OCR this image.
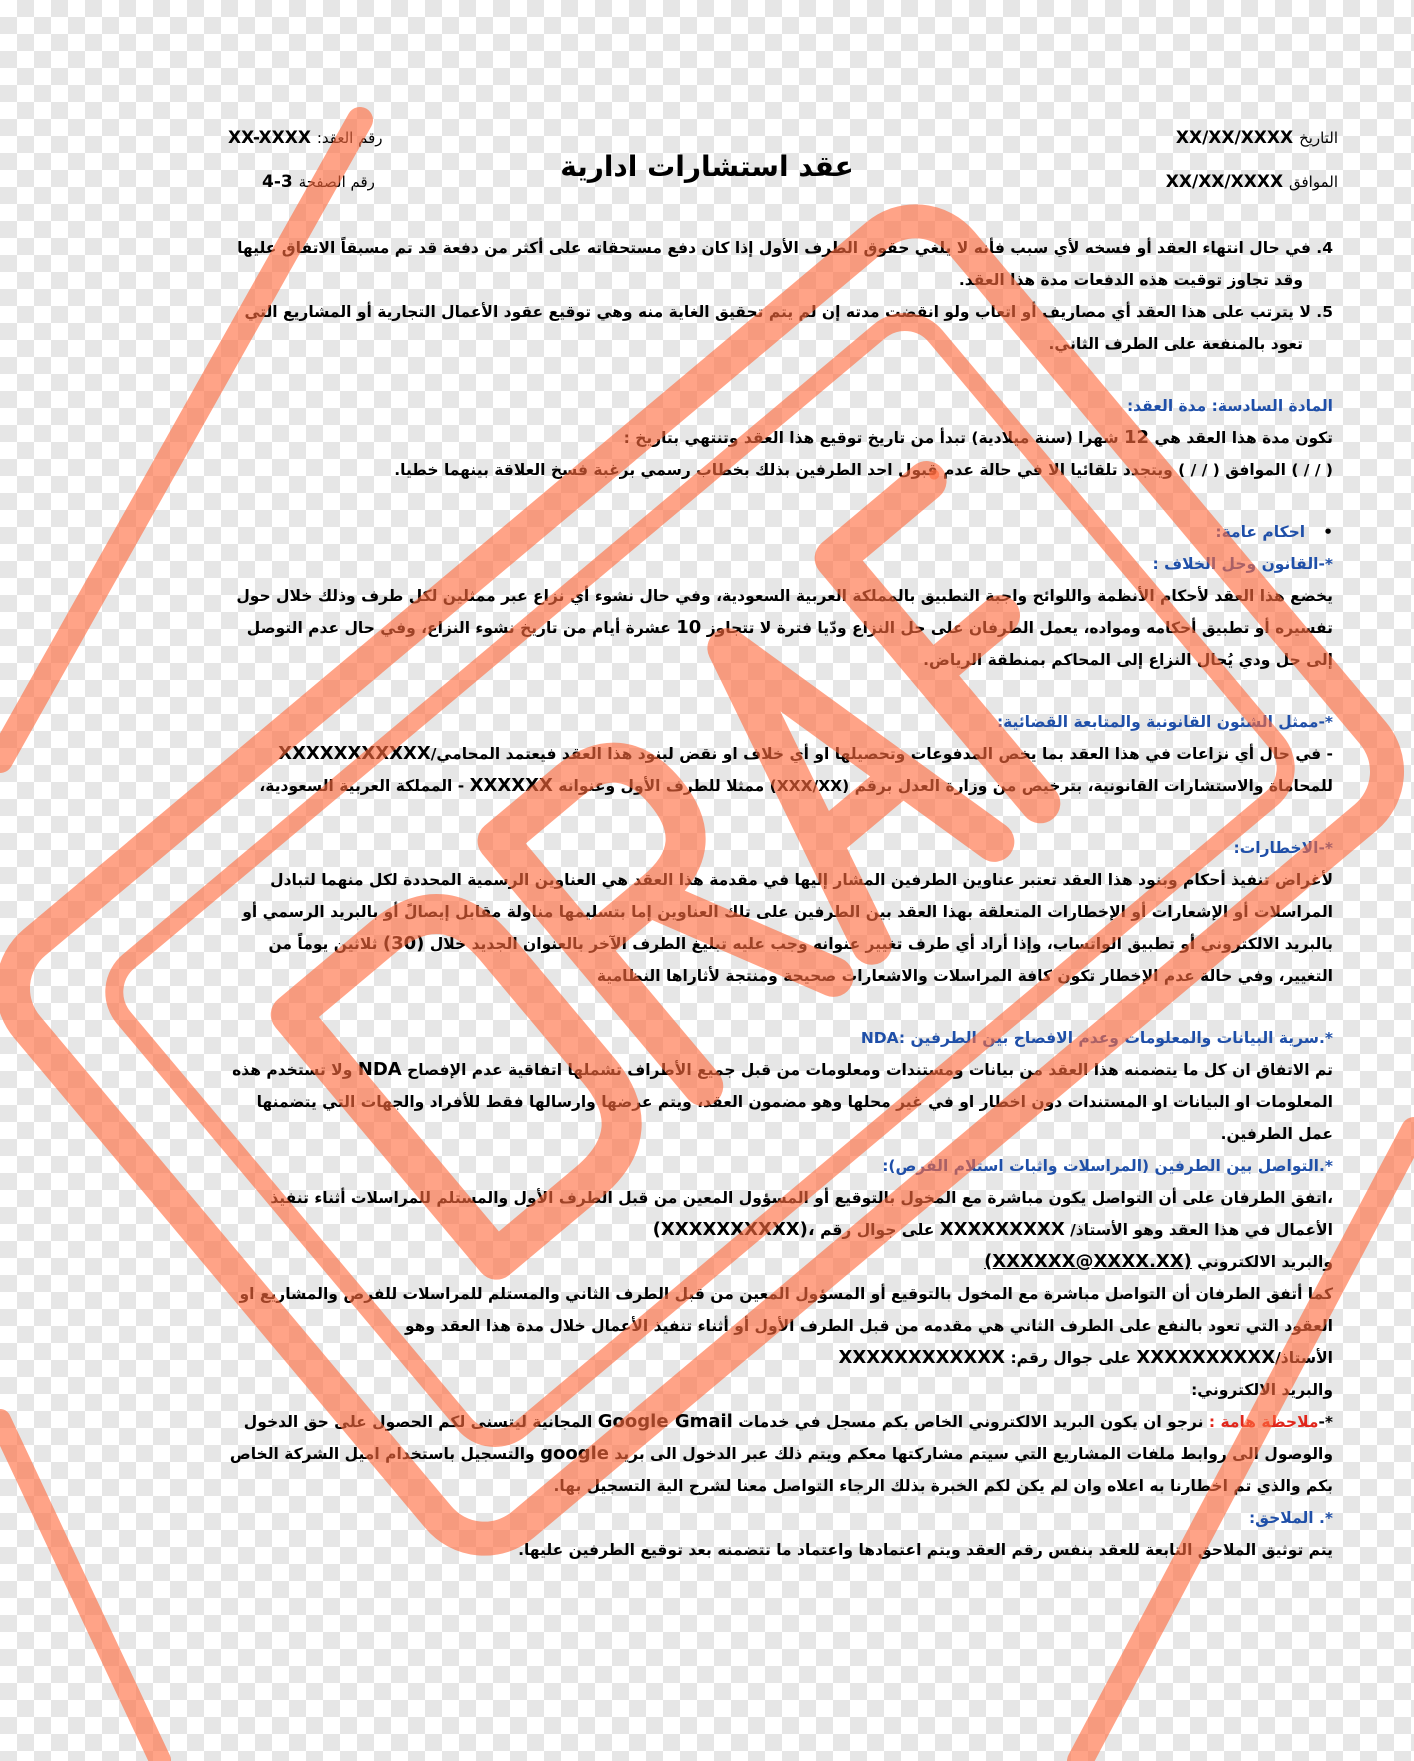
رقم العقد: XX-XXXX
رقم الصفحة 3-4
التاريخ XX/XX/XXXX
الموافق XX/XX/XXXX
عقد استشارات ادارية

4. في حال انتهاء العقد أو فسخه لأي سبب فأنه لا يلغي حقوق الطرف الأول إذا كان دفع مستحقاته على أكثر من دفعة قد تم مسبقاً الاتفاق عليها وقد تجاوز توقيت هذه الدفعات مدة هذا العقد.

5. لا يترتب على هذا العقد أي مصاريف أو اتعاب ولو انقضت مدته إن لم يتم تحقيق الغاية منه وهي توقيع عقود الأعمال التجارية أو المشاريع التي تعود بالمنفعة على الطرف الثاني.

المادة السادسة: مدة العقد:

تكون مدة هذا العقد هي 12 شهرا (سنة ميلادية) تبدأ من تاريخ توقيع هذا العقد وتنتهي بتاريخ :

( / / ) الموافق ( / / ) ويتجدد تلقائيا الا في حالة عدم قبول احد الطرفين بذلك بخطاب رسمي برغبة فسخ العلاقة بينهما خطيا.

• احكام عامة:

*-القانون وحل الخلاف :

يخضع هذا العقد لأحكام الأنظمة واللوائح واجبة التطبيق بالمملكة العربية السعودية، وفي حال نشوء أي نزاع عبر ممثلين لكل طرف وذلك خلال حول تفسيره أو تطبيق أحكامه ومواده، يعمل الطرفان على حل النزاع ودّيا فترة لا تتجاوز 10 عشرة أيام من تاريخ نشوء النزاع، وفي حال عدم التوصل إلى حل ودي يُحال النزاع إلى المحاكم بمنطقة الرياض.

*-ممثل الشئون القانونية والمتابعة القضائية:

- في حال أي نزاعات في هذا العقد بما يخص المدفوعات وتحصيلها او أي خلاف او نقض لبنود هذا العقد فيعتمد المحامي/XXXXXXXXXXX للمحاماة والاستشارات القانونية، بترخيص من وزارة العدل برقم (XXX/XX) ممثلا للطرف الأول وعنوانه XXXXXX - المملكة العربية السعودية،

*-الاخطارات:

لأغراض تنفيذ أحكام وبنود هذا العقد تعتبر عناوين الطرفين المشار إليها في مقدمة هذا العقد هي العناوين الرسمية المحددة لكل منهما لتبادل المراسلات أو الإشعارات أو الإخطارات المتعلقة بهذا العقد بين الطرفين على تلك العناوين إما بتسليمها مناولة مقابل إيصالً أو بالبريد الرسمي أو بالبريد الالكتروني أو تطبيق الواتساب، وإذا أراد أي طرف تغيير عنوانه وجب عليه تبليغ الطرف الآخر بالعنوان الجديد خلال (30) ثلاثين يوماً من التغيير، وفي حالة عدم الإخطار تكون كافة المراسلات والاشعارات صحيحة ومنتجة لأثاراها النظامية

*.سرية البيانات والمعلومات وعدم الافصاح بين الطرفين NDA:

تم الاتفاق ان كل ما يتضمنه هذا العقد من بيانات ومستندات ومعلومات من قبل جميع الأطراف تشملها اتفاقية عدم الإفصاح NDA ولا تستخدم هذه المعلومات او البيانات او المستندات دون اخطار او في غير محلها وهو مضمون العقد، ويتم عرضها وارسالها فقط للأفراد والجهات التي يتضمنها عمل الطرفين.

*.التواصل بين الطرفين (المراسلات واثبات استلام الفرص):

،اتفق الطرفان على أن التواصل يكون مباشرة مع المخول بالتوقيع أو المسؤول المعين من قبل الطرف الأول والمستلم للمراسلات أثناء تنفيذ الأعمال في هذا العقد وهو الأستاذ/ XXXXXXXXX على جوال رقم (XXXXXXXXXX)،

والبريد الالكتروني (XXXXXX@XXXX.XX)

كما أتفق الطرفان أن التواصل مباشرة مع المخول بالتوقيع أو المسؤول المعين من قبل الطرف الثاني والمستلم للمراسلات للفرص والمشاريع او العقود التي تعود بالنفع على الطرف الثاني هي مقدمه من قبل الطرف الأول أو أثناء تنفيذ الأعمال خلال مدة هذا العقد وهو الأستاذ/XXXXXXXXXX على جوال رقم: XXXXXXXXXXXX

والبريد الالكتروني:

*-ملاحظة هامة : نرجو ان يكون البريد الالكتروني الخاص بكم مسجل في خدمات Google Gmail المجانية ليتسنى لكم الحصول على حق الدخول والوصول الى روابط ملفات المشاريع التي سيتم مشاركتها معكم ويتم ذلك عبر الدخول الى بريد google والتسجيل باستخدام اميل الشركة الخاص بكم والذي تم اخطارنا به اعلاه وان لم يكن لكم الخبرة بذلك الرجاء التواصل معنا لشرح الية التسجيل بها.

*. الملاحق:

يتم توثيق الملاحق التابعة للعقد بنفس رقم العقد ويتم اعتمادها واعتماد ما تتضمنه بعد توقيع الطرفين عليها.
